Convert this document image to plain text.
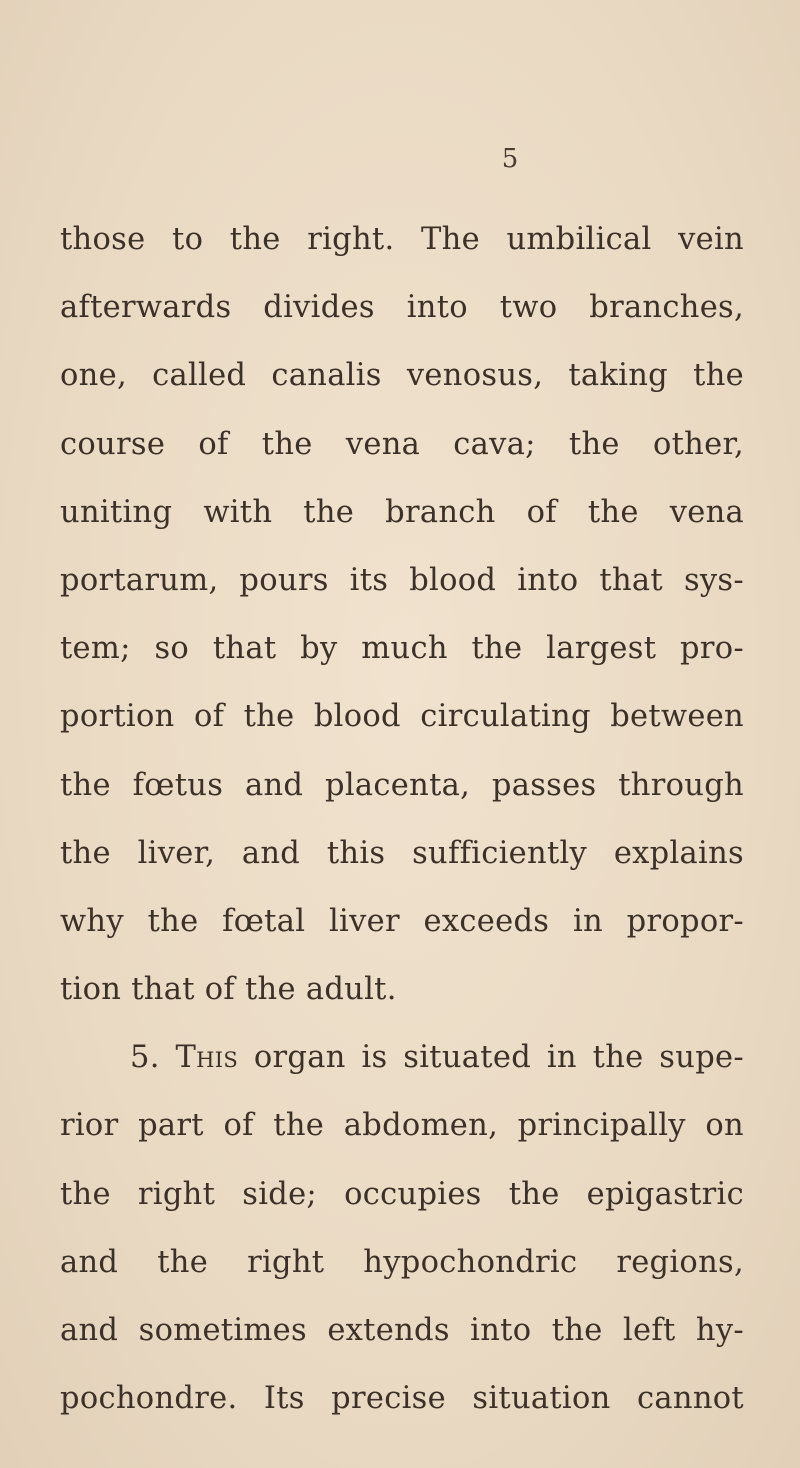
5
those to the right. The umbilical vein
afterwards divides into two branches,
one, called canalis venosus, taking the
course of the vena cava; the other,
uniting with the branch of the vena
portarum, pours its blood into that sys-
tem; so that by much the largest pro-
portion of the blood circulating between
the fœtus and placenta, passes through
the liver, and this sufficiently explains
why the fœtal liver exceeds in propor-
tion that of the adult.
5. This organ is situated in the supe-
rior part of the abdomen, principally on
the right side; occupies the epigastric
and the right hypochondric regions,
and sometimes extends into the left hy-
pochondre. Its precise situation cannot
